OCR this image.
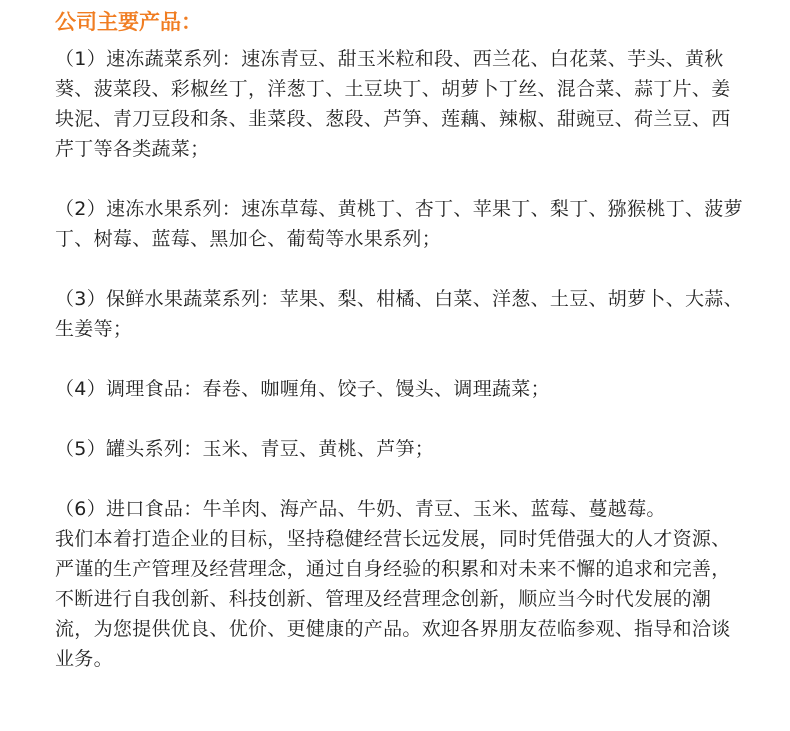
公司主要产品：

（1）速冻蔬菜系列：速冻青豆、甜玉米粒和段、西兰花、白花菜、芋头、黄秋葵、菠菜段、彩椒丝丁，洋葱丁、土豆块丁、胡萝卜丁丝、混合菜、蒜丁片、姜块泥、青刀豆段和条、韭菜段、葱段、芦笋、莲藕、辣椒、甜豌豆、荷兰豆、西芹丁等各类蔬菜；

（2）速冻水果系列：速冻草莓、黄桃丁、杏丁、苹果丁、梨丁、猕猴桃丁、菠萝丁、树莓、蓝莓、黑加仑、葡萄等水果系列；

（3）保鲜水果蔬菜系列：苹果、梨、柑橘、白菜、洋葱、土豆、胡萝卜、大蒜、生姜等；

（4）调理食品：春卷、咖喱角、饺子、馒头、调理蔬菜；

（5）罐头系列：玉米、青豆、黄桃、芦笋；

（6）进口食品：牛羊肉、海产品、牛奶、青豆、玉米、蓝莓、蔓越莓。

我们本着打造企业的目标，坚持稳健经营长远发展，同时凭借强大的人才资源、严谨的生产管理及经营理念，通过自身经验的积累和对未来不懈的追求和完善，不断进行自我创新、科技创新、管理及经营理念创新，顺应当今时代发展的潮流，为您提供优良、优价、更健康的产品。欢迎各界朋友莅临参观、指导和洽谈业务。
